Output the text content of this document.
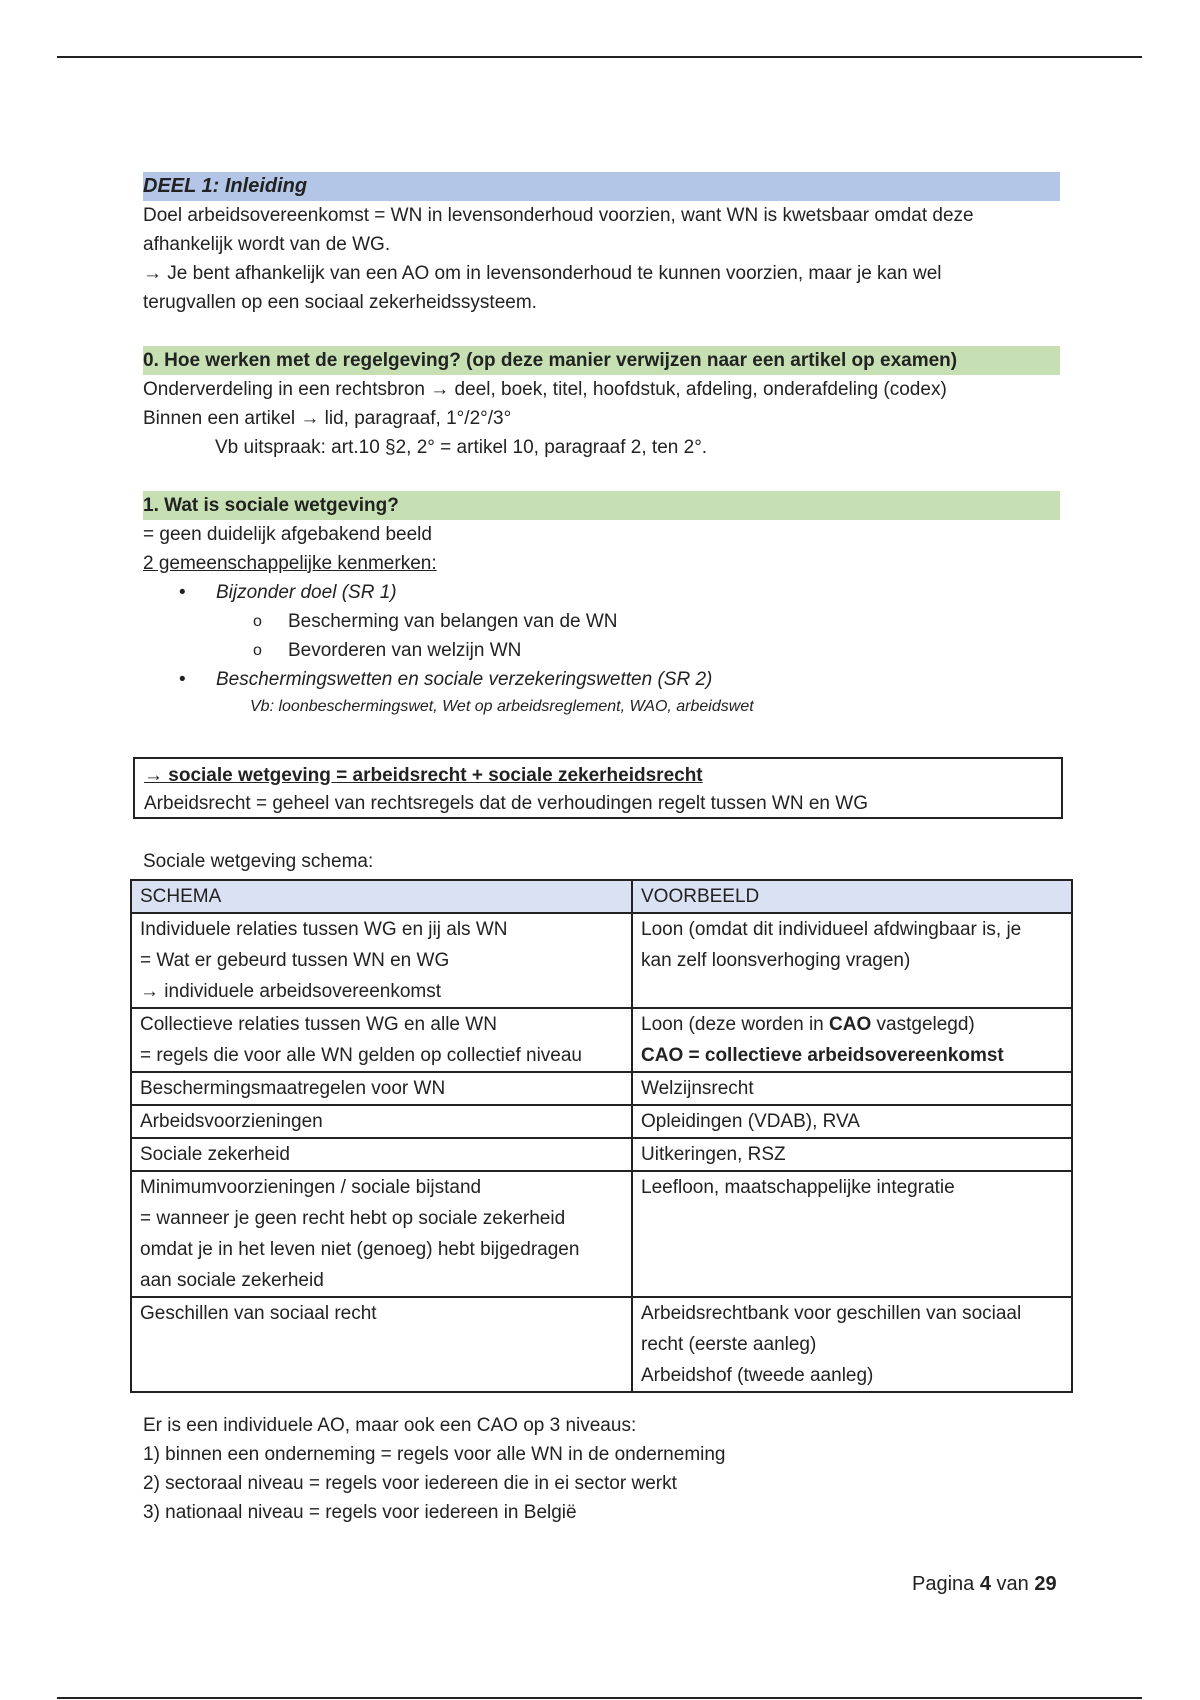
DEEL 1: Inleiding

Doel arbeidsovereenkomst = WN in levensonderhoud voorzien, want WN is kwetsbaar omdat deze

afhankelijk wordt van de WG.

→ Je bent afhankelijk van een AO om in levensonderhoud te kunnen voorzien, maar je kan wel

terugvallen op een sociaal zekerheidssysteem.

0. Hoe werken met de regelgeving? (op deze manier verwijzen naar een artikel op examen)

Onderverdeling in een rechtsbron → deel, boek, titel, hoofdstuk, afdeling, onderafdeling (codex)

Binnen een artikel → lid, paragraaf, 1°/2°/3°

Vb uitspraak: art.10 §2, 2° = artikel 10, paragraaf 2, ten 2°.

1. Wat is sociale wetgeving?

= geen duidelijk afgebakend beeld

2 gemeenschappelijke kenmerken:

• Bijzonder doel (SR 1)
o Bescherming van belangen van de WN
o Bevorderen van welzijn WN
• Beschermingswetten en sociale verzekeringswetten (SR 2)
Vb: loonbeschermingswet, Wet op arbeidsreglement, WAO, arbeidswet
→ sociale wetgeving = arbeidsrecht + sociale zekerheidsrecht
Arbeidsrecht = geheel van rechtsregels dat de verhoudingen regelt tussen WN en WG
Sociale wetgeving schema:
SCHEMA	VOORBEELD

Individuele relaties tussen WG en jij als WN
= Wat er gebeurd tussen WN en WG
→ individuele arbeidsovereenkomst	Loon (omdat dit individueel afdwingbaar is, je
kan zelf loonsverhoging vragen)

Collectieve relaties tussen WG en alle WN
= regels die voor alle WN gelden op collectief niveau	Loon (deze worden in CAO vastgelegd)
CAO = collectieve arbeidsovereenkomst

Beschermingsmaatregelen voor WN	Welzijnsrecht
Arbeidsvoorzieningen	Opleidingen (VDAB), RVA
Sociale zekerheid	Uitkeringen, RSZ

Minimumvoorzieningen / sociale bijstand
= wanneer je geen recht hebt op sociale zekerheid
omdat je in het leven niet (genoeg) hebt bijgedragen
aan sociale zekerheid	Leefloon, maatschappelijke integratie
Geschillen van sociaal recht	Arbeidsrechtbank voor geschillen van sociaal
recht (eerste aanleg)
Arbeidshof (tweede aanleg)

Er is een individuele AO, maar ook een CAO op 3 niveaus:

1) binnen een onderneming = regels voor alle WN in de onderneming

2) sectoraal niveau = regels voor iedereen die in ei sector werkt

3) nationaal niveau = regels voor iedereen in België

Pagina 4 van 29
